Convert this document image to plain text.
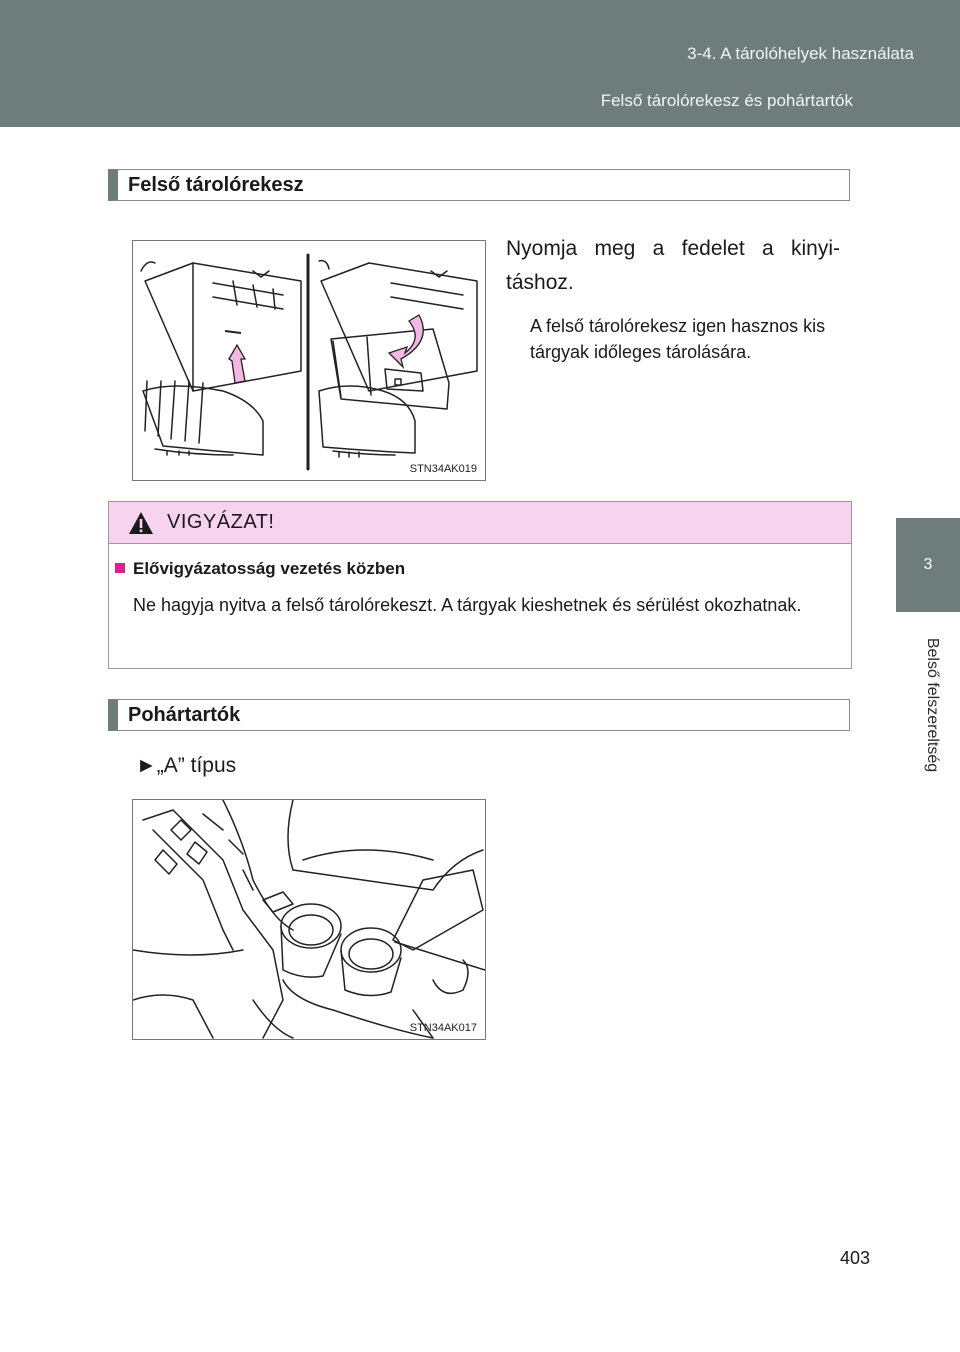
3-4. A tárolóhelyek használata
Felső tárolórekesz és pohártartók
3
Belső felszereltség
Felső tárolórekesz
STN34AK019
Nyomja meg a fedelet a kinyitáshoz.
A felső tárolórekesz igen hasznos kis tárgyak időleges tárolására.
VIGYÁZAT!
Elővigyázatosság vezetés közben
Ne hagyja nyitva a felső tárolórekeszt. A tárgyak kieshetnek és sérülést okozhatnak.
Pohártartók
►„A” típus
STN34AK017
403
